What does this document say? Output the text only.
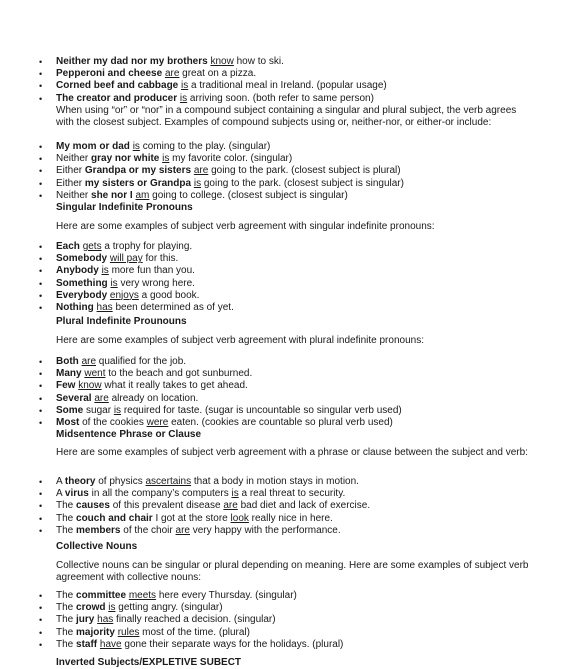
• Neither my dad nor my brothers know how to ski.
• Pepperoni and cheese are great on a pizza.
• Corned beef and cabbage is a traditional meal in Ireland. (popular usage)
• The creator and producer is arriving soon. (both refer to same person)

When using “or” or “nor” in a compound subject containing a singular and plural subject, the verb agrees with the closest subject. Examples of compound subjects using or, neither-nor, or either-or include:

• My mom or dad is coming to the play. (singular)
• Neither gray nor white is my favorite color. (singular)
• Either Grandpa or my sisters are going to the park. (closest subject is plural)
• Either my sisters or Grandpa is going to the park. (closest subject is singular)
• Neither she nor I am going to college. (closest subject is singular)
Singular Indefinite Pronouns

Here are some examples of subject verb agreement with singular indefinite pronouns:

• Each gets a trophy for playing.
• Somebody will pay for this.
• Anybody is more fun than you.
• Something is very wrong here.
• Everybody enjoys a good book.
• Nothing has been determined as of yet.
Plural Indefinite Prounouns

Here are some examples of subject verb agreement with plural indefinite pronouns:

• Both are qualified for the job.
• Many went to the beach and got sunburned.
• Few know what it really takes to get ahead.
• Several are already on location.
• Some sugar is required for taste. (sugar is uncountable so singular verb used)
• Most of the cookies were eaten. (cookies are countable so plural verb used)
Midsentence Phrase or Clause

Here are some examples of subject verb agreement with a phrase or clause between the subject and verb:

• A theory of physics ascertains that a body in motion stays in motion.
• A virus in all the company’s computers is a real threat to security.
• The causes of this prevalent disease are bad diet and lack of exercise.
• The couch and chair I got at the store look really nice in here.
• The members of the choir are very happy with the performance.
Collective Nouns

Collective nouns can be singular or plural depending on meaning. Here are some examples of subject verb agreement with collective nouns:

• The committee meets here every Thursday. (singular)
• The crowd is getting angry. (singular)
• The jury has finally reached a decision. (singular)
• The majority rules most of the time. (plural)
• The staff have gone their separate ways for the holidays. (plural)
Inverted Subjects/EXPLETIVE SUBECT
